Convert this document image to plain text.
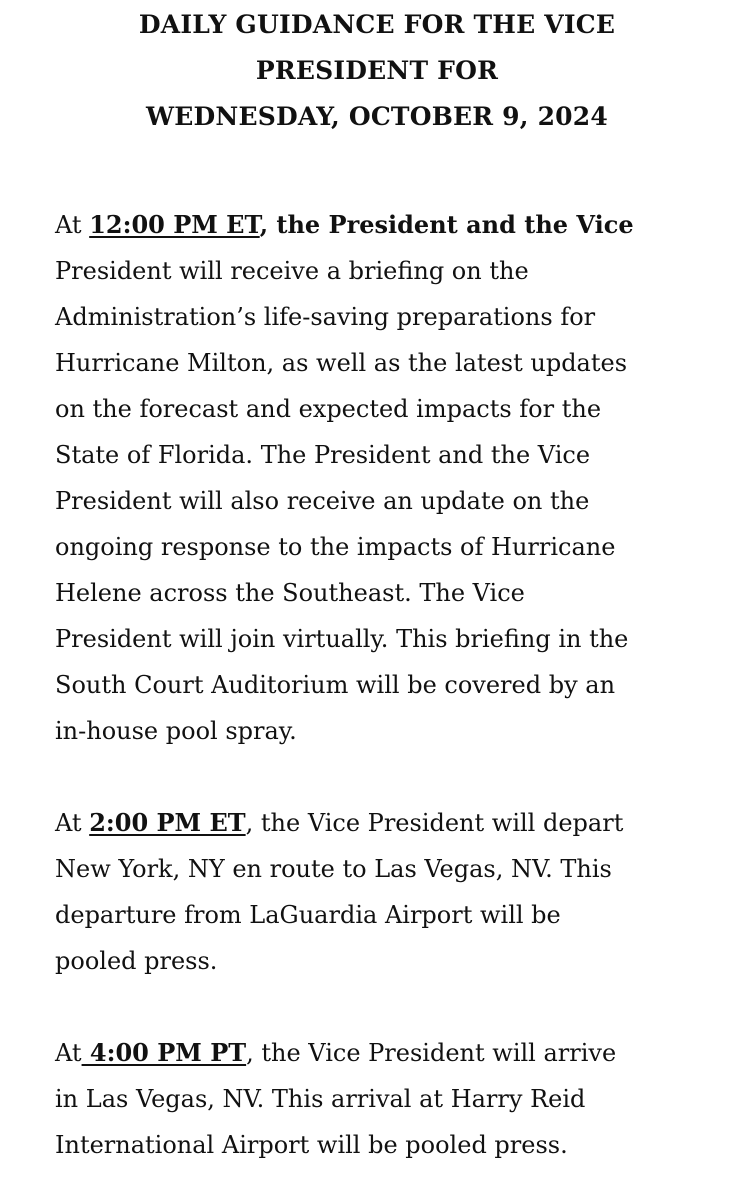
DAILY GUIDANCE FOR THE VICE
PRESIDENT FOR
WEDNESDAY, OCTOBER 9, 2024

At 12:00 PM ET, the President and the Vice
President will receive a briefing on the
Administration’s life-saving preparations for
Hurricane Milton, as well as the latest updates
on the forecast and expected impacts for the
State of Florida. The President and the Vice
President will also receive an update on the
ongoing response to the impacts of Hurricane
Helene across the Southeast. The Vice
President will join virtually. This briefing in the
South Court Auditorium will be covered by an
in-house pool spray.

At 2:00 PM ET, the Vice President will depart
New York, NY en route to Las Vegas, NV. This
departure from LaGuardia Airport will be
pooled press.

At 4:00 PM PT, the Vice President will arrive
in Las Vegas, NV. This arrival at Harry Reid
International Airport will be pooled press.
